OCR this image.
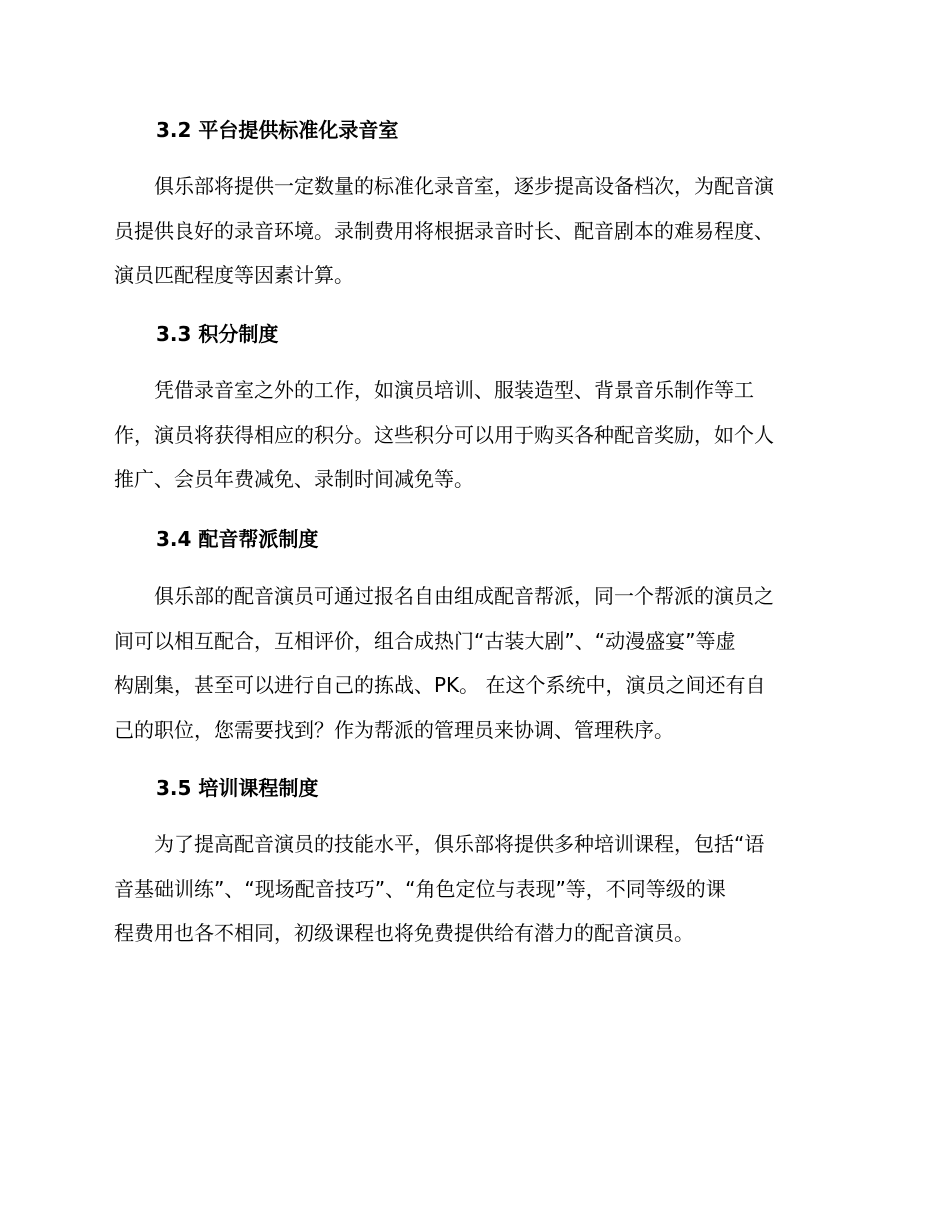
3.2 平台提供标准化录音室

俱乐部将提供一定数量的标准化录音室，逐步提高设备档次，为配音演
员提供良好的录音环境。录制费用将根据录音时长、配音剧本的难易程度、
演员匹配程度等因素计算。

3.3 积分制度

凭借录音室之外的工作，如演员培训、服装造型、背景音乐制作等工
作，演员将获得相应的积分。这些积分可以用于购买各种配音奖励，如个人
推广、会员年费减免、录制时间减免等。

3.4 配音帮派制度

俱乐部的配音演员可通过报名自由组成配音帮派，同一个帮派的演员之
间可以相互配合，互相评价，组合成热门“古装大剧”、“动漫盛宴”等虚
构剧集，甚至可以进行自己的拣战、PK。 在这个系统中，演员之间还有自
己的职位，您需要找到？作为帮派的管理员来协调、管理秩序。

3.5 培训课程制度

为了提高配音演员的技能水平，俱乐部将提供多种培训课程，包括“语
音基础训练”、“现场配音技巧”、“角色定位与表现”等，不同等级的课
程费用也各不相同，初级课程也将免费提供给有潜力的配音演员。
